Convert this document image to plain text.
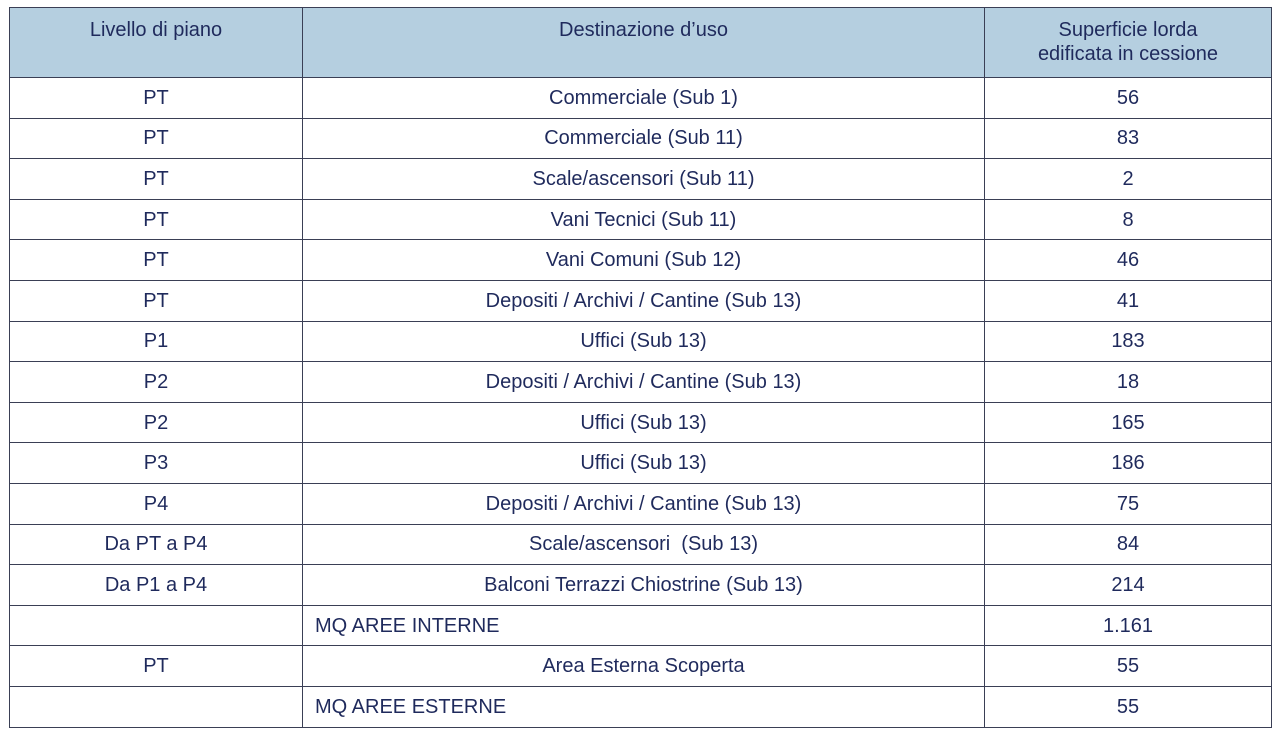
Livello di piano	Destinazione d’uso	Superficie lorda
edificata in cessione

PT	Commerciale (Sub 1)	56
PT	Commerciale (Sub 11)	83
PT	Scale/ascensori (Sub 11)	2
PT	Vani Tecnici (Sub 11)	8
PT	Vani Comuni (Sub 12)	46
PT	Depositi / Archivi / Cantine (Sub 13)	41
P1	Uffici (Sub 13)	183
P2	Depositi / Archivi / Cantine (Sub 13)	18
P2	Uffici (Sub 13)	165
P3	Uffici (Sub 13)	186
P4	Depositi / Archivi / Cantine (Sub 13)	75
Da PT a P4	Scale/ascensori  (Sub 13)	84
Da P1 a P4	Balconi Terrazzi Chiostrine (Sub 13)	214
	MQ AREE INTERNE	1.161
PT	Area Esterna Scoperta	55
	MQ AREE ESTERNE	55
